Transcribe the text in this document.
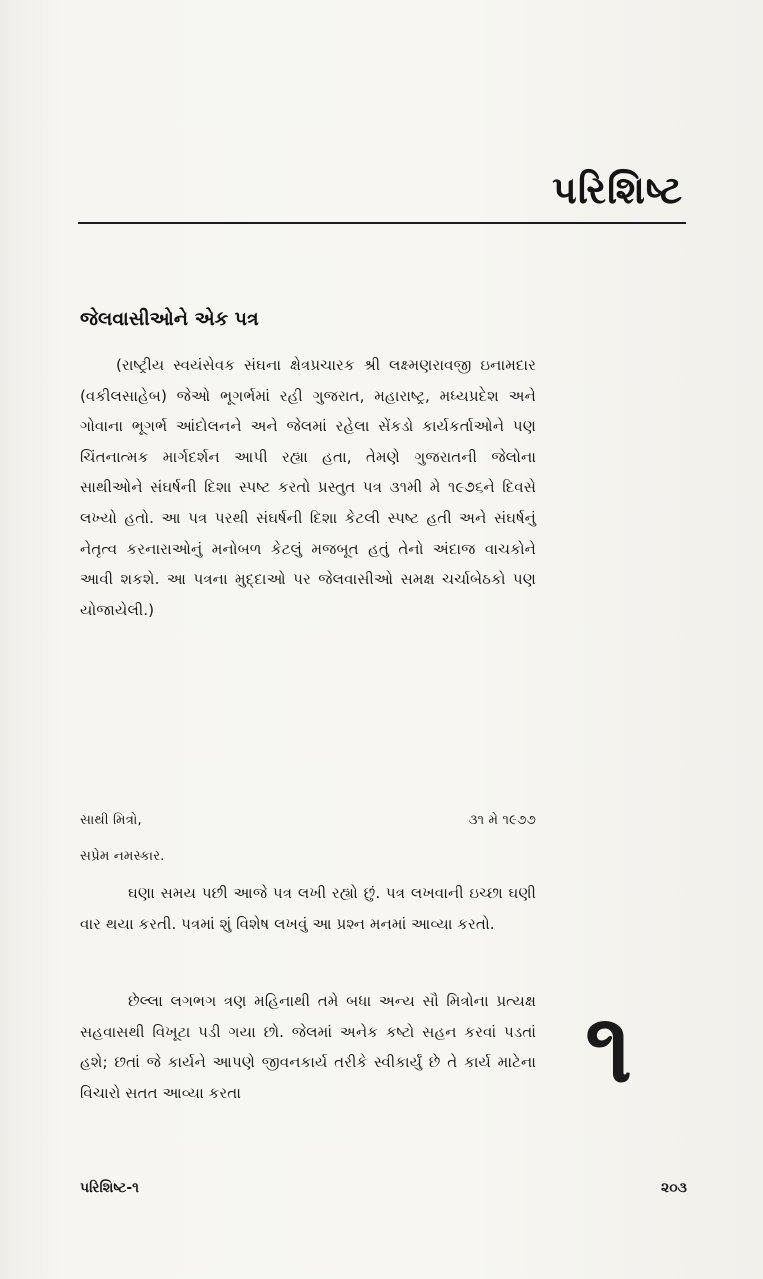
પરિશિષ્ટ
જેલવાસીઓને એક પત્ર

(રાષ્ટ્રીય સ્વયંસેવક સંઘના ક્ષેત્રપ્રચારક શ્રી લક્ષ્મણરાવજી ઇનામદાર (વકીલસાહેબ) જેઓ ભૂગર્ભમાં રહી ગુજરાત, મહારાષ્ટ્ર, મધ્યપ્રદેશ અને ગોવાના ભૂગર્ભ આંદોલનને અને જેલમાં રહેલા સેંકડો કાર્યકર્તાઓને પણ ચિંતનાત્મક માર્ગદર્શન આપી રહ્યા હતા, તેમણે ગુજરાતની જેલોના સાથીઓને સંઘર્ષની દિશા સ્પષ્ટ કરતો પ્રસ્તુત પત્ર ૩૧મી મે ૧૯૭૬ને દિવસે લખ્યો હતો. આ પત્ર પરથી સંઘર્ષની દિશા કેટલી સ્પષ્ટ હતી અને સંઘર્ષનું નેતૃત્વ કરનારાઓનું મનોબળ કેટલું મજબૂત હતું તેનો અંદાજ વાચકોને આવી શકશે. આ પત્રના મુદ્દાઓ પર જેલવાસીઓ સમક્ષ ચર્ચાબેઠકો પણ યોજાયેલી.)

સાથી મિત્રો,	૩૧ મે ૧૯૭૭
સપ્રેમ નમસ્કાર.

ઘણા સમય પછી આજે પત્ર લખી રહ્યો છું. પત્ર લખવાની ઇચ્છા ઘણી વાર થયા કરતી. પત્રમાં શું વિશેષ લખવું આ પ્રશ્ન મનમાં આવ્યા કરતો.

છેલ્લા લગભગ ત્રણ મહિનાથી તમે બધા અન્ય સૌ મિત્રોના પ્રત્યક્ષ સહવાસથી વિખૂટા પડી ગયા છો. જેલમાં અનેક કષ્ટો સહન કરવાં પડતાં હશે; છતાં જે કાર્યને આપણે જીવનકાર્ય તરીકે સ્વીકાર્યું છે તે કાર્ય માટેના વિચારો સતત આવ્યા કરતા	૧
પરિશિષ્ટ-૧	૨૦૩
